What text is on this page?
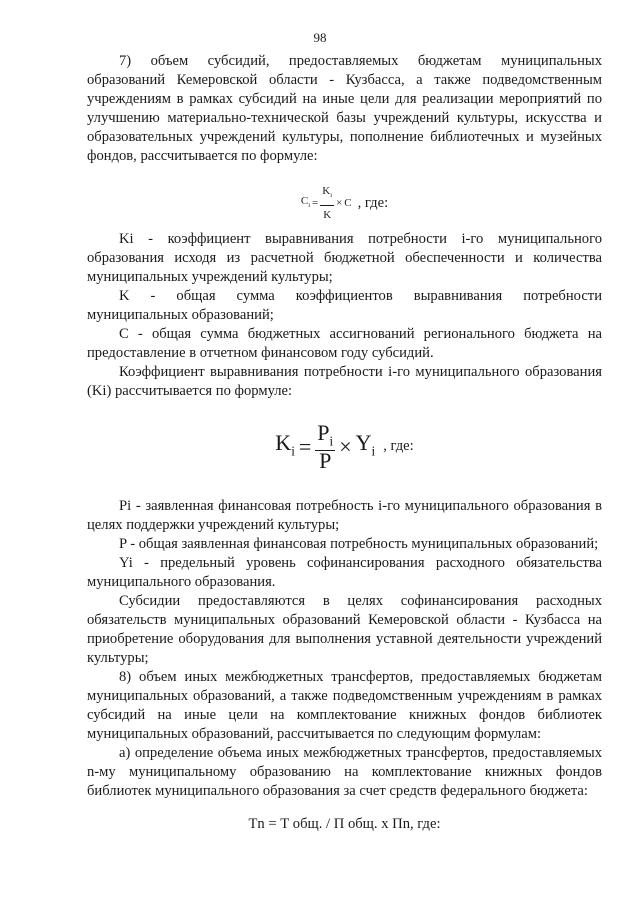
98

7) объем субсидий, предоставляемых бюджетам муниципальных образований Кемеровской области - Кузбасса, а также подведомственным учреждениям в рамках субсидий на иные цели для реализации мероприятий по улучшению материально-технической базы учреждений культуры, искусства и образовательных учреждений культуры, пополнение библиотечных и музейных фондов, рассчитывается по формуле:

$C_i = \frac{K_i}{K} \times C$ , где:

Ki - коэффициент выравнивания потребности i-го муниципального образования исходя из расчетной бюджетной обеспеченности и количества муниципальных учреждений культуры;

K - общая сумма коэффициентов выравнивания потребности муниципальных образований;

C - общая сумма бюджетных ассигнований регионального бюджета на предоставление в отчетном финансовом году субсидий.

Коэффициент выравнивания потребности i-го муниципального образования (Ki) рассчитывается по формуле:

$K_i = \frac{P_i}{P} \times Y_i$ , где:

Pi - заявленная финансовая потребность i-го муниципального образования в целях поддержки учреждений культуры;

P - общая заявленная финансовая потребность муниципальных образований;

Yi - предельный уровень софинансирования расходного обязательства муниципального образования.

Субсидии предоставляются в целях софинансирования расходных обязательств муниципальных образований Кемеровской области - Кузбасса на приобретение оборудования для выполнения уставной деятельности учреждений культуры;

8) объем иных межбюджетных трансфертов, предоставляемых бюджетам муниципальных образований, а также подведомственным учреждениям в рамках субсидий на иные цели на комплектование книжных фондов библиотек муниципальных образований, рассчитывается по следующим формулам:

а) определение объема иных межбюджетных трансфертов, предоставляемых n-му муниципальному образованию на комплектование книжных фондов библиотек муниципального образования за счет средств федерального бюджета:

Тn = Т общ. / П общ. х Пn, где:
